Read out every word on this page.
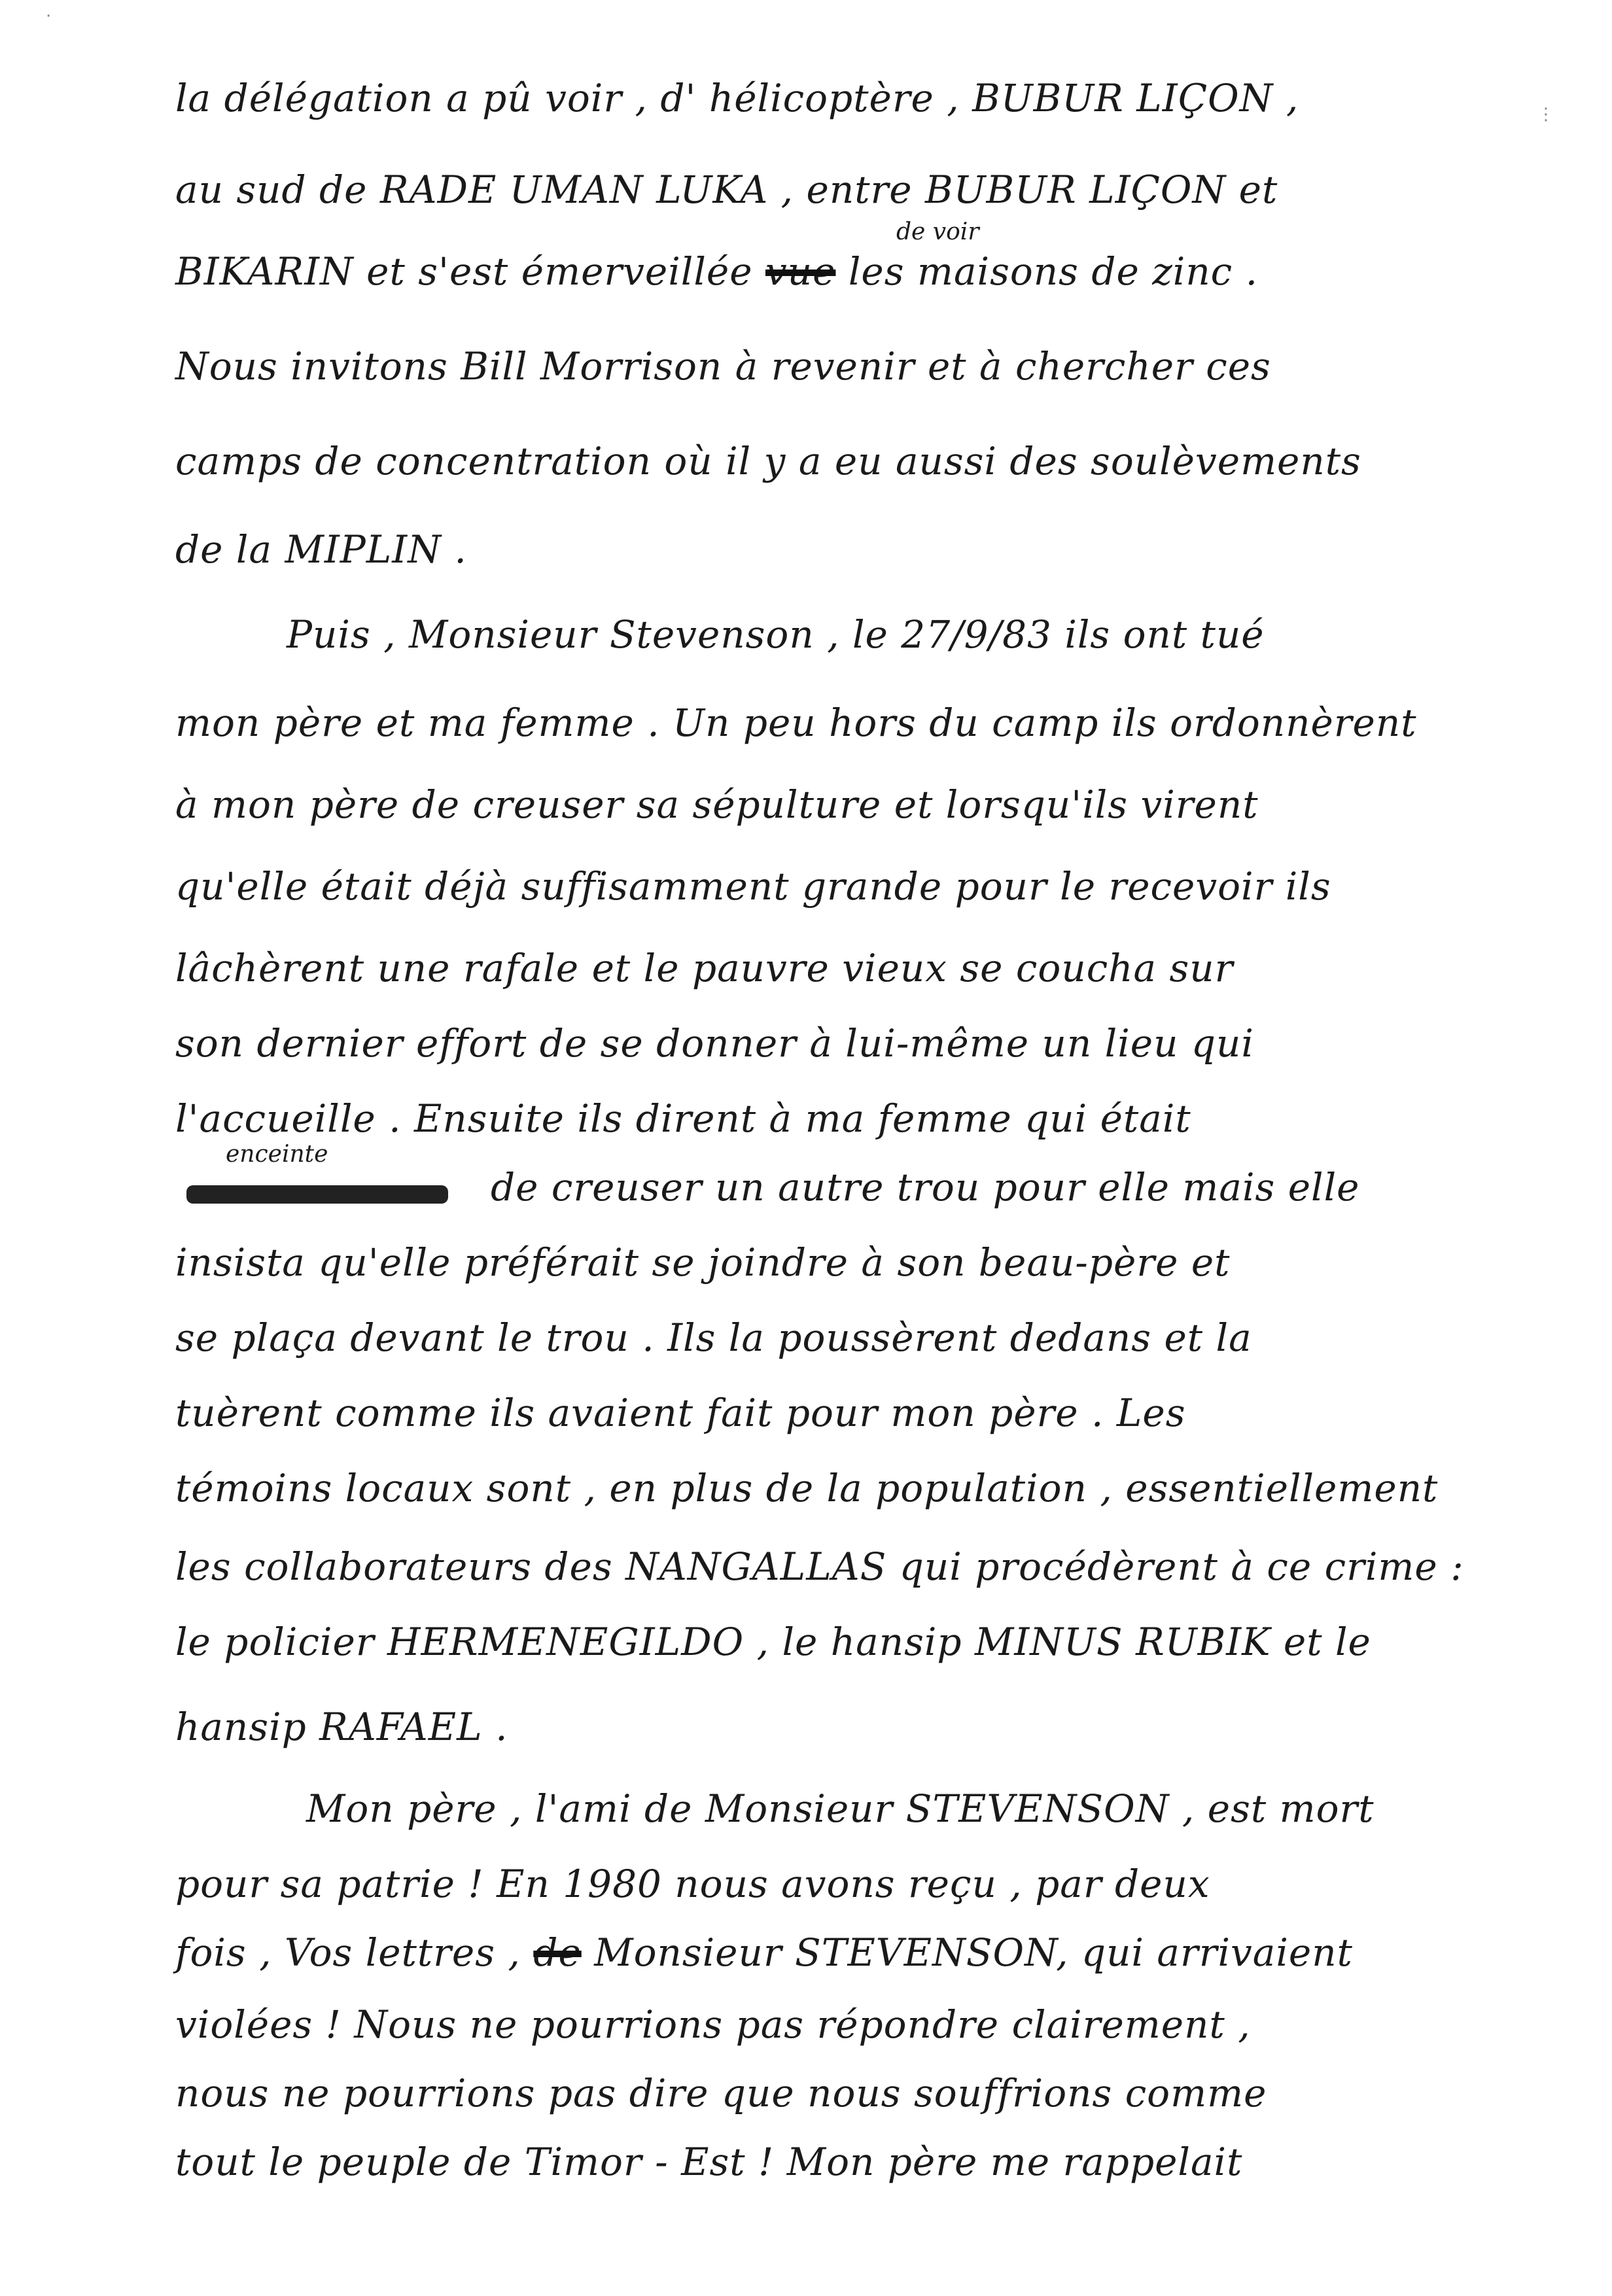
⋮
·
la délégation a pû voir , d' hélicoptère , BUBUR LIÇON ,
au sud de RADE UMAN LUKA , entre BUBUR LIÇON et
de voir
BIKARIN et s'est émerveillée vue les maisons de zinc .
Nous invitons Bill Morrison à revenir et à chercher ces
camps de concentration où il y a eu aussi des soulèvements
de la MIPLIN .
Puis , Monsieur Stevenson , le 27/9/83 ils ont tué
mon père et ma femme . Un peu hors du camp ils ordonnèrent
à mon père de creuser sa sépulture et lorsqu'ils virent
qu'elle était déjà suffisamment grande pour le recevoir ils
lâchèrent une rafale et le pauvre vieux se coucha sur
son dernier effort de se donner à lui-même un lieu qui
l'accueille . Ensuite ils dirent à ma femme qui était
enceinte
de creuser un autre trou pour elle mais elle
insista qu'elle préférait se joindre à son beau-père et
se plaça devant le trou . Ils la poussèrent dedans et la
tuèrent comme ils avaient fait pour mon père . Les
témoins locaux sont , en plus de la population , essentiellement
les collaborateurs des NANGALLAS qui procédèrent à ce crime :
le policier HERMENEGILDO , le hansip MINUS RUBIK et le
hansip RAFAEL .
Mon père , l'ami de Monsieur STEVENSON , est mort
pour sa patrie ! En 1980 nous avons reçu , par deux
fois , Vos lettres , de Monsieur STEVENSON, qui arrivaient
violées ! Nous ne pourrions pas répondre clairement ,
nous ne pourrions pas dire que nous souffrions comme
tout le peuple de Timor - Est ! Mon père me rappelait
